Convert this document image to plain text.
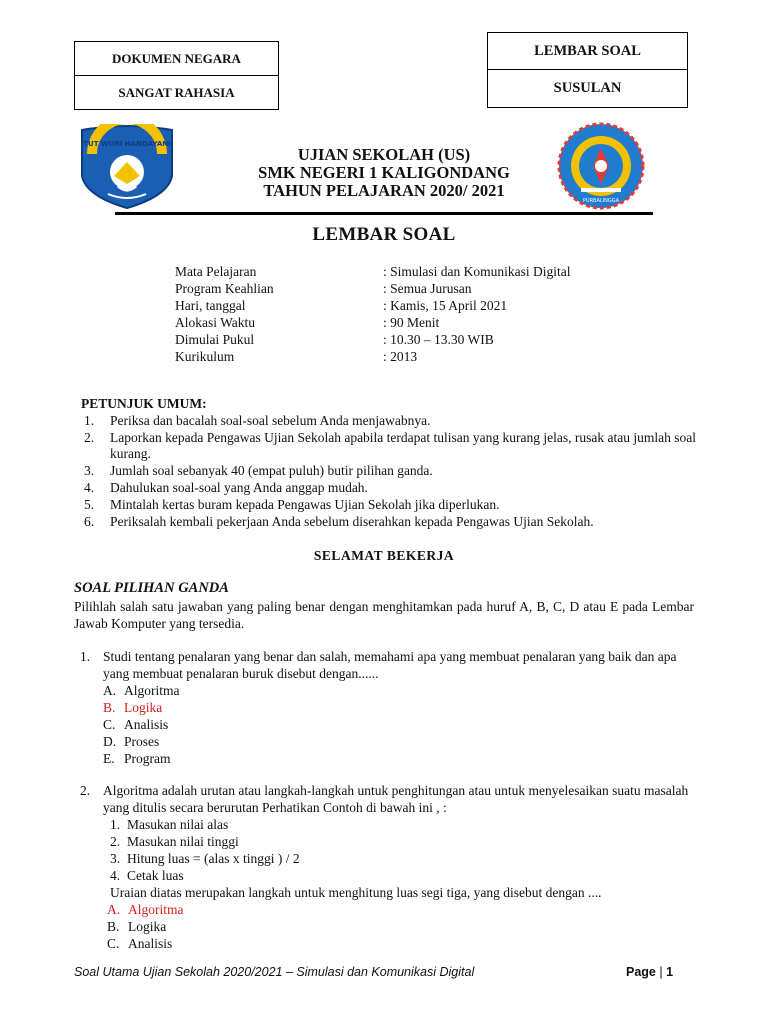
DOKUMEN NEGARA
SANGAT RAHASIA
LEMBAR SOAL
SUSULAN
TUT WURI HANDAYANI
PURBALINGGA
UJIAN SEKOLAH (US)
SMK NEGERI 1 KALIGONDANG
TAHUN PELAJARAN 2020/ 2021
LEMBAR SOAL
Mata Pelajaran	: Simulasi dan Komunikasi Digital
Program Keahlian	: Semua Jurusan
Hari, tanggal	: Kamis, 15 April 2021
Alokasi Waktu	: 90 Menit
Dimulai Pukul	: 10.30 – 13.30 WIB
Kurikulum	: 2013
PETUNJUK UMUM:
1.	Periksa dan bacalah soal-soal sebelum Anda menjawabnya.
2.	Laporkan kepada Pengawas Ujian Sekolah apabila terdapat tulisan yang kurang jelas, rusak atau jumlah soal kurang.
3.	Jumlah soal sebanyak 40 (empat puluh) butir pilihan ganda.
4.	Dahulukan soal-soal yang Anda anggap mudah.
5.	Mintalah kertas buram kepada Pengawas Ujian Sekolah jika diperlukan.
6.	Periksalah kembali pekerjaan Anda sebelum diserahkan kepada Pengawas Ujian Sekolah.
SELAMAT BEKERJA
SOAL PILIHAN GANDA
Pilihlah salah satu jawaban yang paling benar dengan menghitamkan pada huruf A, B, C, D atau E pada Lembar Jawab Komputer yang tersedia.
1. Studi tentang penalaran yang benar dan salah, memahami apa yang membuat penalaran yang baik dan apa yang membuat penalaran buruk disebut dengan......
A. Algoritma
B. Logika
C. Analisis
D. Proses
E. Program
2. Algoritma adalah urutan atau langkah-langkah untuk penghitungan atau untuk menyelesaikan suatu masalah yang ditulis secara berurutan Perhatikan Contoh di bawah ini , :
1. Masukan nilai alas
2. Masukan nilai tinggi
3. Hitung luas = (alas x tinggi ) / 2
4. Cetak luas
Uraian diatas merupakan langkah untuk menghitung luas segi tiga, yang disebut dengan ....
A. Algoritma
B. Logika
C. Analisis
Soal Utama Ujian Sekolah 2020/2021 – Simulasi dan Komunikasi Digital	Page | 1
